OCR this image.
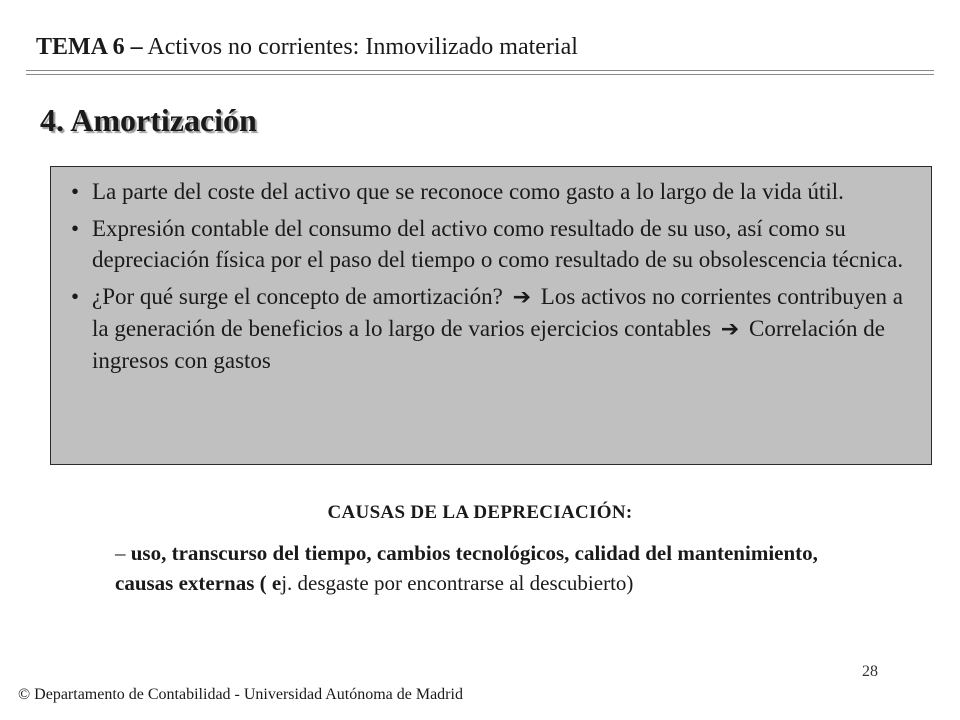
TEMA 6 – Activos no corrientes: Inmovilizado material
4. Amortización
• La parte del coste del activo que se reconoce como gasto a lo largo de la vida útil.
• Expresión contable del consumo del activo como resultado de su uso, así como su depreciación física por el paso del tiempo o como resultado de su obsolescencia técnica.
• ¿Por qué surge el concepto de amortización? ➔ Los activos no corrientes contribuyen a la generación de beneficios a lo largo de varios ejercicios contables ➔ Correlación de ingresos con gastos
CAUSAS DE LA DEPRECIACIÓN:
– uso, transcurso del tiempo, cambios tecnológicos, calidad del mantenimiento, causas externas ( ej. desgaste por encontrarse al descubierto)
28
© Departamento de Contabilidad - Universidad Autónoma de Madrid
